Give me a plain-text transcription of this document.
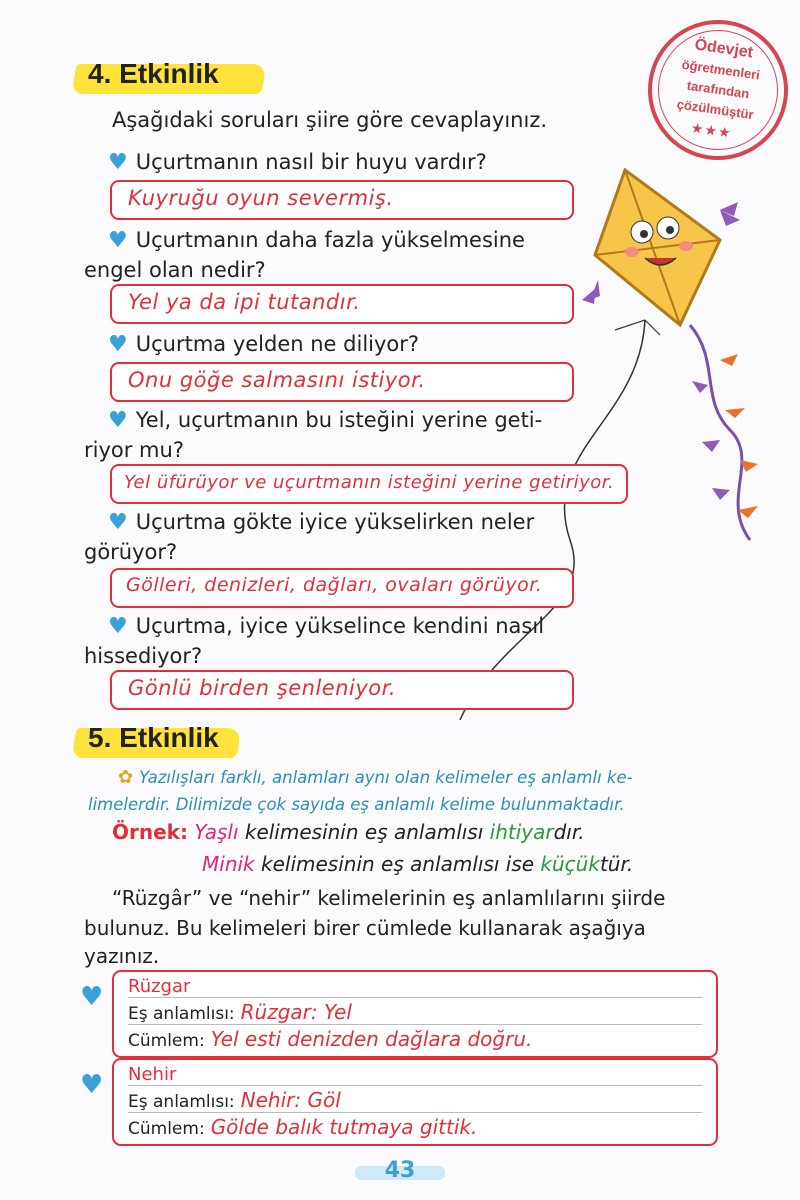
Ödevjet
öğretmenleri
tarafından
çözülmüştür
★★★
4. Etkinlik
Aşağıdaki soruları şiire göre cevaplayınız.
♥ Uçurtmanın nasıl bir huyu vardır?
Kuyruğu oyun severmiş.
♥ Uçurtmanın daha fazla yükselmesine
engel olan nedir?
Yel ya da ipi tutandır.
♥ Uçurtma yelden ne diliyor?
Onu göğe salmasını istiyor.
♥ Yel, uçurtmanın bu isteğini yerine geti-
riyor mu?
Yel üfürüyor ve uçurtmanın isteğini yerine getiriyor.
♥ Uçurtma gökte iyice yükselirken neler
görüyor?
Gölleri, denizleri, dağları, ovaları görüyor.
♥ Uçurtma, iyice yükselince kendini nasıl
hissediyor?
Gönlü birden şenleniyor.
5. Etkinlik
✿ Yazılışları farklı, anlamları aynı olan kelimeler eş anlamlı ke-
limelerdir. Dilimizde çok sayıda eş anlamlı kelime bulunmaktadır.
Örnek: Yaşlı kelimesinin eş anlamlısı ihtiyardır.
Minik kelimesinin eş anlamlısı ise küçüktür.
“Rüzgâr” ve “nehir” kelimelerinin eş anlamlılarını şiirde
bulunuz. Bu kelimeleri birer cümlede kullanarak aşağıya
yazınız.
♥ Rüzgar
Eş anlamlısı: Rüzgar: Yel
Cümlem: Yel esti denizden dağlara doğru.
♥ Nehir
Eş anlamlısı: Nehir: Göl
Cümlem: Gölde balık tutmaya gittik.
43
